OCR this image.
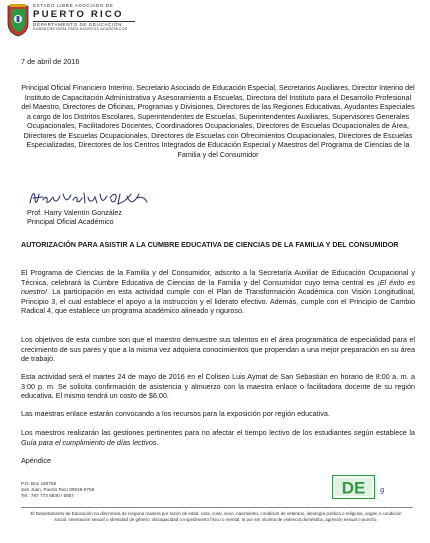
ESTADO LIBRE ASOCIADO DE
PUERTO RICO
DEPARTAMENTO DE EDUCACIÓN
SUBSECRETARÍA PARA ASUNTOS ACADÉMICOS
7 de abril de 2016

Principal Oficial Financiero Interino, Secretario Asociado de Educación Especial, Secretarios Auxiliares, Director Interino del Instituto de Capacitación Administrativa y Asesoramiento a Escuelas, Directora del Instituto para el Desarrollo Profesional del Maestro, Directores de Oficinas, Programas y Divisiones, Directores de las Regiones Educativas, Ayudantes Especiales a cargo de los Distritos Escolares, Superintendentes de Escuelas, Superintendentes Auxiliares, Supervisores Generales Ocupacionales, Facilitadores Docentes, Coordinadores Ocupacionales, Directores de Escuelas Ocupacionales de Área, Directores de Escuelas Ocupacionales, Directores de Escuelas con Ofrecimientos Ocupacionales, Directores de Escuelas Especializadas, Directores de los Centros Integrados de Educación Especial y Maestros del Programa de Ciencias de la Familia y del Consumidor

Prof. Harry Valentín González
Principal Oficial Académico

AUTORIZACIÓN PARA ASISTIR A LA CUMBRE EDUCATIVA DE CIENCIAS DE LA FAMILIA Y DEL CONSUMIDOR

El Programa de Ciencias de la Familia y del Consumidor, adscrito a la Secretaría Auxiliar de Educación Ocupacional y Técnica, celebrará la Cumbre Educativa de Ciencias de la Familia y del Consumidor cuyo tema central es ¡El éxito es nuestro!. La participación en esta actividad cumple con el Plan de Transformación Académica con Visión Longitudinal, Principio 3, el cual establece el apoyo a la instrucción y el liderato efectivo. Además, cumple con el Principio de Cambio Radical 4, que establece un programa académico alineado y riguroso.

Los objetivos de esta cumbre son que el maestro demuestre sus talentos en el área programática de especialidad para el crecimiento de sus pares y que a la misma vez adquiera conocimientos que propendan a una mejor preparación en su área de trabajo.

Esta actividad será el martes 24 de mayo de 2016 en el Coliseo Luis Aymat de San Sebastián en horario de 8:00 a. m. a 3:00 p. m. Se solicita confirmación de asistencia y almuerzo con la maestra enlace o facilitadora docente de su región educativa. El mismo tendrá un costo de $6.00.

Las maestras enlace estarán convocando a los recursos para la exposición por región educativa.

Los maestros realizarán las gestiones pertinentes para no afectar el tiempo lectivo de los estudiantes según establece la Guía para el cumplimiento de días lectivos.

Apéndice
P.O. Box 190759
San Juan, Puerto Rico 00919-0759
Tel.: 787 773 5830 / 5857	DE 9

El Departamento de Educación no discrimina de ninguna manera por razón de edad, raza, color, sexo, nacimiento, condición de veterano, ideología política o religiosa, origen o condición social, orientación sexual o identidad de género, discapacidad o impedimento físico o mental; ni por ser víctima de violencia doméstica, agresión sexual o acecho.
